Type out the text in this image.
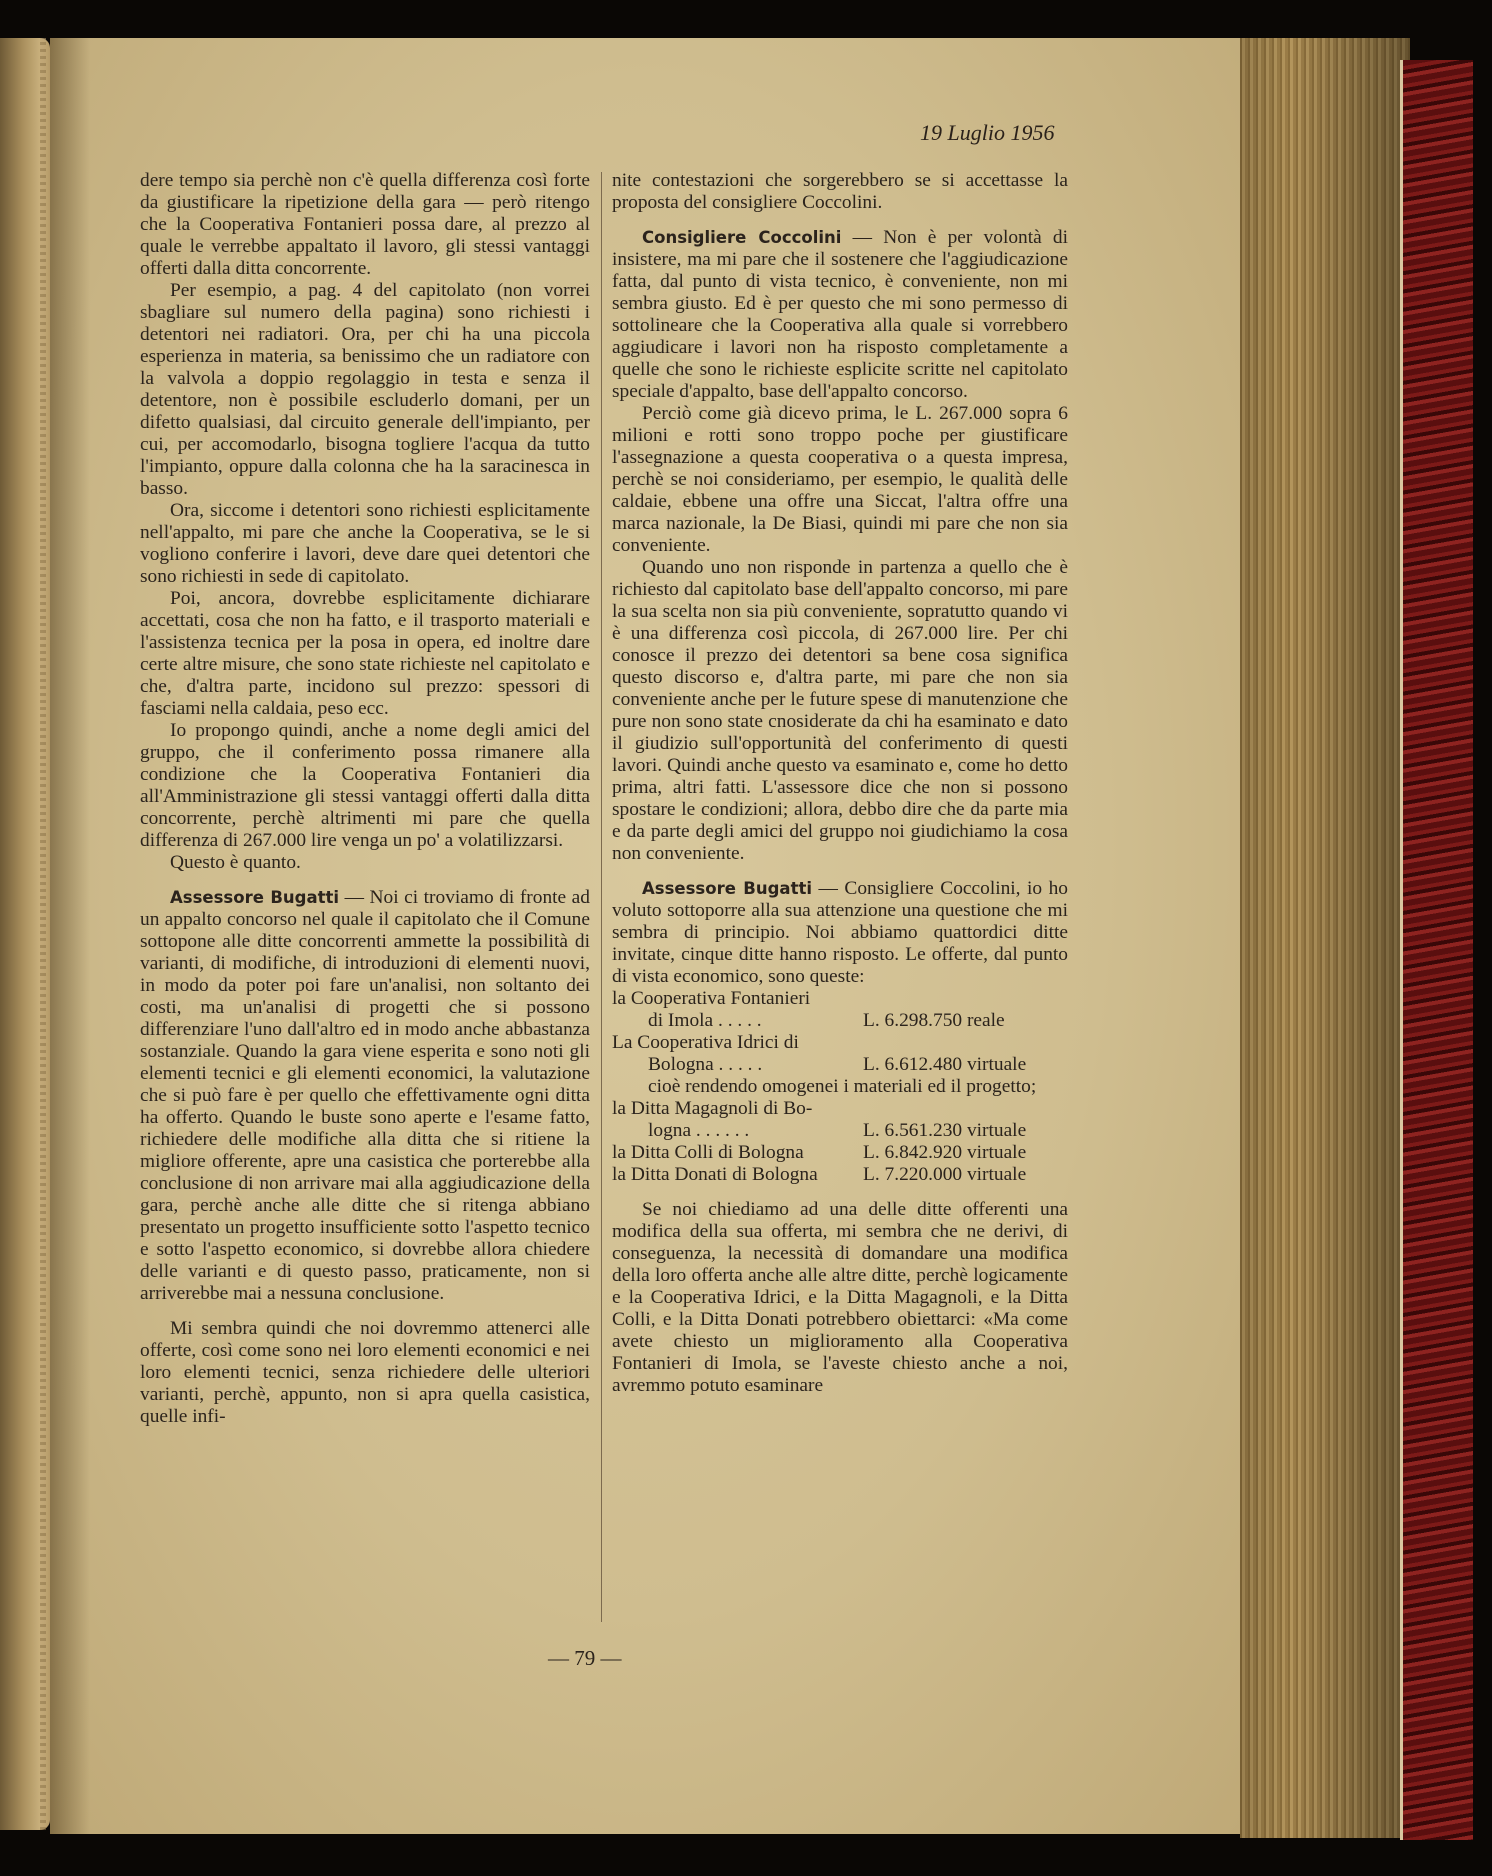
19 Luglio 1956

dere tempo sia perchè non c'è quella differenza così forte da giustificare la ripetizione della gara — però ritengo che la Cooperativa Fontanieri possa dare, al prezzo al quale le verrebbe appaltato il lavoro, gli stessi vantaggi offerti dalla ditta concorrente.

Per esempio, a pag. 4 del capitolato (non vorrei sbagliare sul numero della pagina) sono richiesti i detentori nei radiatori. Ora, per chi ha una piccola esperienza in materia, sa benissimo che un radiatore con la valvola a doppio regolaggio in testa e senza il detentore, non è possibile escluderlo domani, per un difetto qualsiasi, dal circuito generale dell'impianto, per cui, per accomodarlo, bisogna togliere l'acqua da tutto l'impianto, oppure dalla colonna che ha la saracinesca in basso.

Ora, siccome i detentori sono richiesti esplicitamente nell'appalto, mi pare che anche la Cooperativa, se le si vogliono conferire i lavori, deve dare quei detentori che sono richiesti in sede di capitolato.

Poi, ancora, dovrebbe esplicitamente dichiarare accettati, cosa che non ha fatto, e il trasporto materiali e l'assistenza tecnica per la posa in opera, ed inoltre dare certe altre misure, che sono state richieste nel capitolato e che, d'altra parte, incidono sul prezzo: spessori di fasciami nella caldaia, peso ecc.

Io propongo quindi, anche a nome degli amici del gruppo, che il conferimento possa rimanere alla condizione che la Cooperativa Fontanieri dia all'Amministrazione gli stessi vantaggi offerti dalla ditta concorrente, perchè altrimenti mi pare che quella differenza di 267.000 lire venga un po' a volatilizzarsi.

Questo è quanto.

Assessore Bugatti — Noi ci troviamo di fronte ad un appalto concorso nel quale il capitolato che il Comune sottopone alle ditte concorrenti ammette la possibilità di varianti, di modifiche, di introduzioni di elementi nuovi, in modo da poter poi fare un'analisi, non soltanto dei costi, ma un'analisi di progetti che si possono differenziare l'uno dall'altro ed in modo anche abbastanza sostanziale. Quando la gara viene esperita e sono noti gli elementi tecnici e gli elementi economici, la valutazione che si può fare è per quello che effettivamente ogni ditta ha offerto. Quando le buste sono aperte e l'esame fatto, richiedere delle modifiche alla ditta che si ritiene la migliore offerente, apre una casistica che porterebbe alla conclusione di non arrivare mai alla aggiudicazione della gara, perchè anche alle ditte che si ritenga abbiano presentato un progetto insufficiente sotto l'aspetto tecnico e sotto l'aspetto economico, si dovrebbe allora chiedere delle varianti e di questo passo, praticamente, non si arriverebbe mai a nessuna conclusione.

Mi sembra quindi che noi dovremmo attenerci alle offerte, così come sono nei loro elementi economici e nei loro elementi tecnici, senza richiedere delle ulteriori varianti, perchè, appunto, non si apra quella casistica, quelle infi-

nite contestazioni che sorgerebbero se si accettasse la proposta del consigliere Coccolini.

Consigliere Coccolini — Non è per volontà di insistere, ma mi pare che il sostenere che l'aggiudicazione fatta, dal punto di vista tecnico, è conveniente, non mi sembra giusto. Ed è per questo che mi sono permesso di sottolineare che la Cooperativa alla quale si vorrebbero aggiudicare i lavori non ha risposto completamente a quelle che sono le richieste esplicite scritte nel capitolato speciale d'appalto, base dell'appalto concorso.

Perciò come già dicevo prima, le L. 267.000 sopra 6 milioni e rotti sono troppo poche per giustificare l'assegnazione a questa cooperativa o a questa impresa, perchè se noi consideriamo, per esempio, le qualità delle caldaie, ebbene una offre una Siccat, l'altra offre una marca nazionale, la De Biasi, quindi mi pare che non sia conveniente.

Quando uno non risponde in partenza a quello che è richiesto dal capitolato base dell'appalto concorso, mi pare la sua scelta non sia più conveniente, sopratutto quando vi è una differenza così piccola, di 267.000 lire. Per chi conosce il prezzo dei detentori sa bene cosa significa questo discorso e, d'altra parte, mi pare che non sia conveniente anche per le future spese di manutenzione che pure non sono state cnosiderate da chi ha esaminato e dato il giudizio sull'opportunità del conferimento di questi lavori. Quindi anche questo va esaminato e, come ho detto prima, altri fatti. L'assessore dice che non si possono spostare le condizioni; allora, debbo dire che da parte mia e da parte degli amici del gruppo noi giudichiamo la cosa non conveniente.

Assessore Bugatti — Consigliere Coccolini, io ho voluto sottoporre alla sua attenzione una questione che mi sembra di principio. Noi abbiamo quattordici ditte invitate, cinque ditte hanno risposto. Le offerte, dal punto di vista economico, sono queste:

la Cooperativa Fontanieri
di Imola . . . . .	L. 6.298.750 reale
La Cooperativa Idrici di
Bologna . . . . .	L. 6.612.480 virtuale
cioè rendendo omogenei i materiali ed il progetto;
la Ditta Magagnoli di Bo-
logna . . . . . .	L. 6.561.230 virtuale
la Ditta Colli di Bologna	L. 6.842.920 virtuale
la Ditta Donati di Bologna	L. 7.220.000 virtuale

Se noi chiediamo ad una delle ditte offerenti una modifica della sua offerta, mi sembra che ne derivi, di conseguenza, la necessità di domandare una modifica della loro offerta anche alle altre ditte, perchè logicamente e la Cooperativa Idrici, e la Ditta Magagnoli, e la Ditta Colli, e la Ditta Donati potrebbero obiettarci: «Ma come avete chiesto un miglioramento alla Cooperativa Fontanieri di Imola, se l'aveste chiesto anche a noi, avremmo potuto esaminare

— 79 —
